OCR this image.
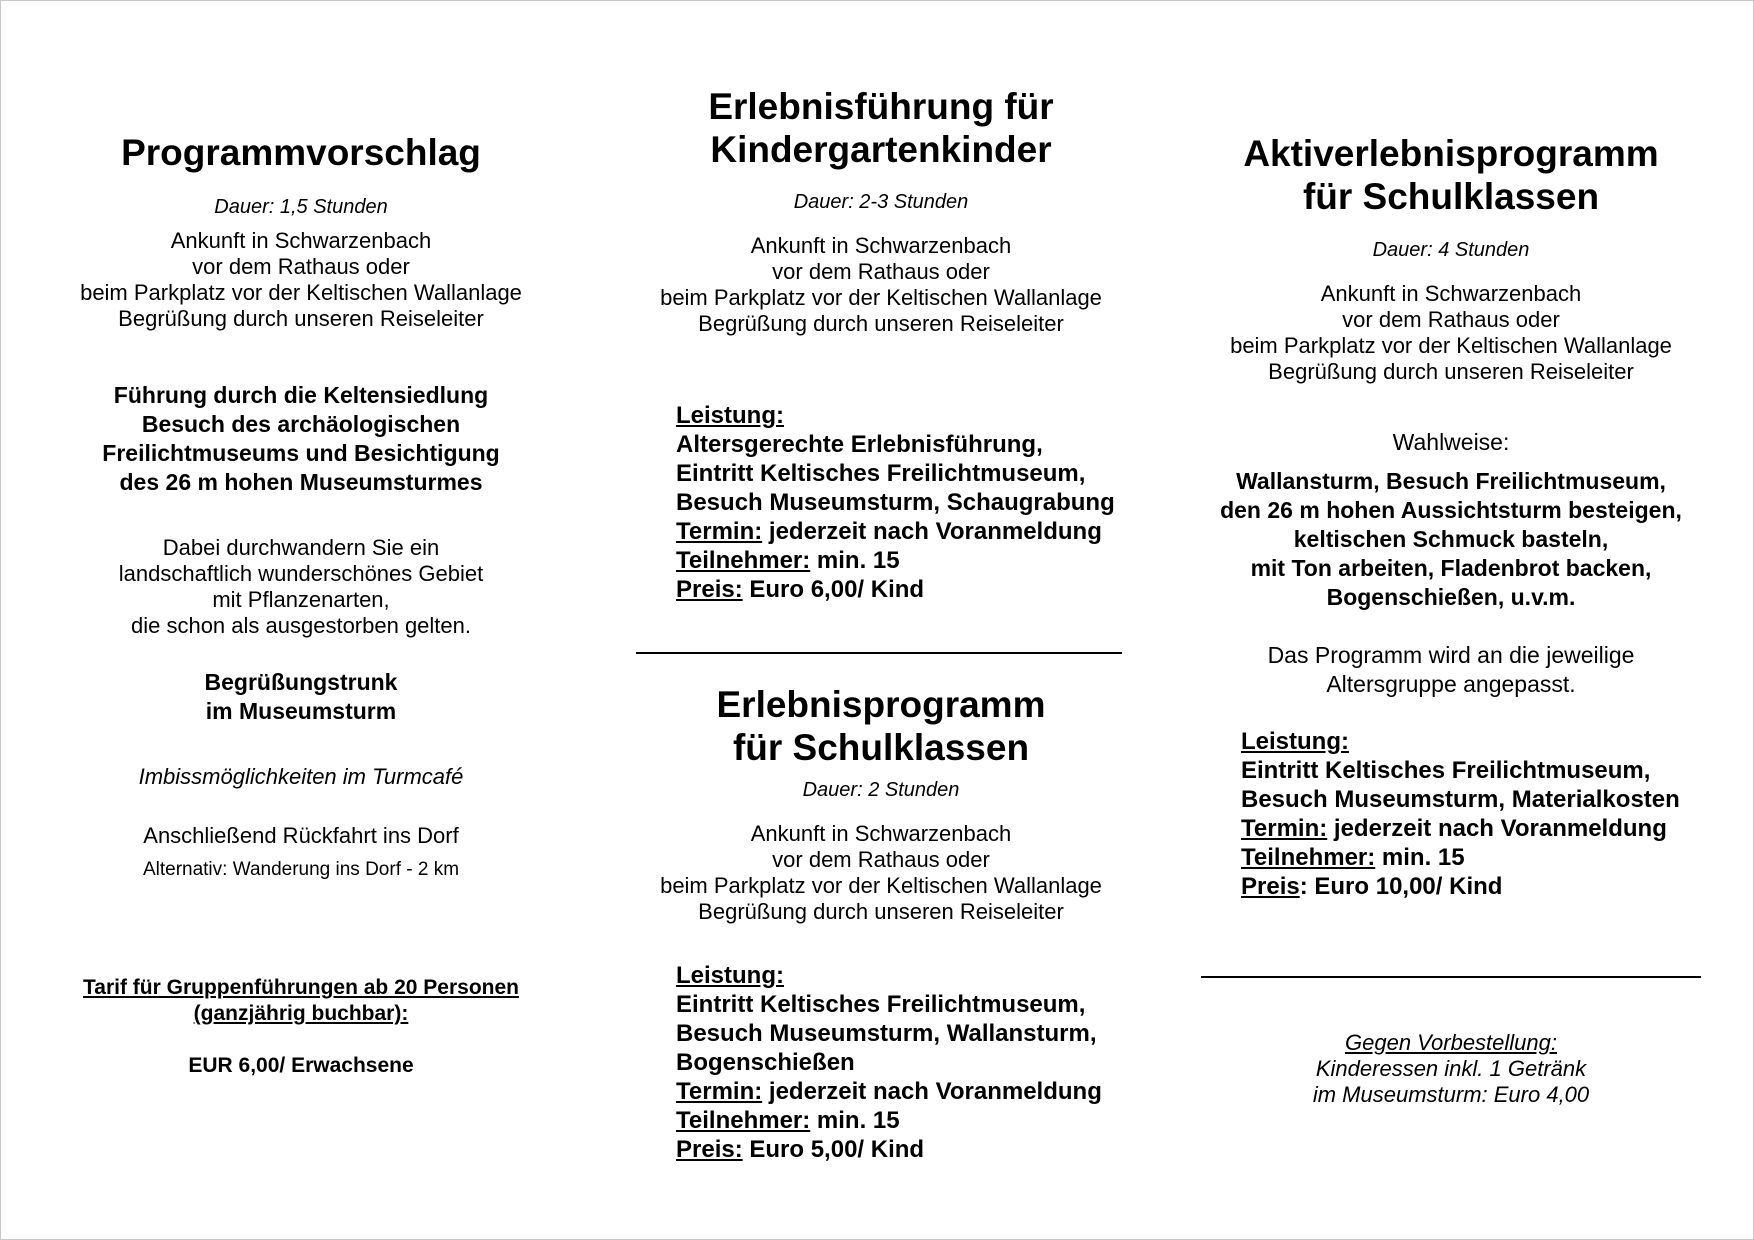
Programmvorschlag
Dauer: 1,5 Stunden
Ankunft in Schwarzenbach
vor dem Rathaus oder
beim Parkplatz vor der Keltischen Wallanlage
Begrüßung durch unseren Reiseleiter
Führung durch die Keltensiedlung
Besuch des archäologischen
Freilichtmuseums und Besichtigung
des 26 m hohen Museumsturmes
Dabei durchwandern Sie ein
landschaftlich wunderschönes Gebiet
mit Pflanzenarten,
die schon als ausgestorben gelten.
Begrüßungstrunk
im Museumsturm
Imbissmöglichkeiten im Turmcafé
Anschließend Rückfahrt ins Dorf
Alternativ: Wanderung ins Dorf - 2 km
Tarif für Gruppenführungen ab 20 Personen
(ganzjährig buchbar):
EUR 6,00/ Erwachsene
Erlebnisführung für
Kindergartenkinder
Dauer: 2-3 Stunden
Ankunft in Schwarzenbach
vor dem Rathaus oder
beim Parkplatz vor der Keltischen Wallanlage
Begrüßung durch unseren Reiseleiter
Leistung:
Altersgerechte Erlebnisführung,
Eintritt Keltisches Freilichtmuseum,
Besuch Museumsturm, Schaugrabung
Termin: jederzeit nach Voranmeldung
Teilnehmer: min. 15
Preis: Euro 6,00/ Kind
Erlebnisprogramm
für Schulklassen
Dauer: 2 Stunden
Ankunft in Schwarzenbach
vor dem Rathaus oder
beim Parkplatz vor der Keltischen Wallanlage
Begrüßung durch unseren Reiseleiter
Leistung:
Eintritt Keltisches Freilichtmuseum,
Besuch Museumsturm, Wallansturm,
Bogenschießen
Termin: jederzeit nach Voranmeldung
Teilnehmer: min. 15
Preis: Euro 5,00/ Kind
Aktiverlebnisprogramm
für Schulklassen
Dauer: 4 Stunden
Ankunft in Schwarzenbach
vor dem Rathaus oder
beim Parkplatz vor der Keltischen Wallanlage
Begrüßung durch unseren Reiseleiter
Wahlweise:
Wallansturm, Besuch Freilichtmuseum,
den 26 m hohen Aussichtsturm besteigen,
keltischen Schmuck basteln,
mit Ton arbeiten, Fladenbrot backen,
Bogenschießen, u.v.m.
Das Programm wird an die jeweilige
Altersgruppe angepasst.
Leistung:
Eintritt Keltisches Freilichtmuseum,
Besuch Museumsturm, Materialkosten
Termin: jederzeit nach Voranmeldung
Teilnehmer: min. 15
Preis: Euro 10,00/ Kind
Gegen Vorbestellung:
Kinderessen inkl. 1 Getränk
im Museumsturm: Euro 4,00
